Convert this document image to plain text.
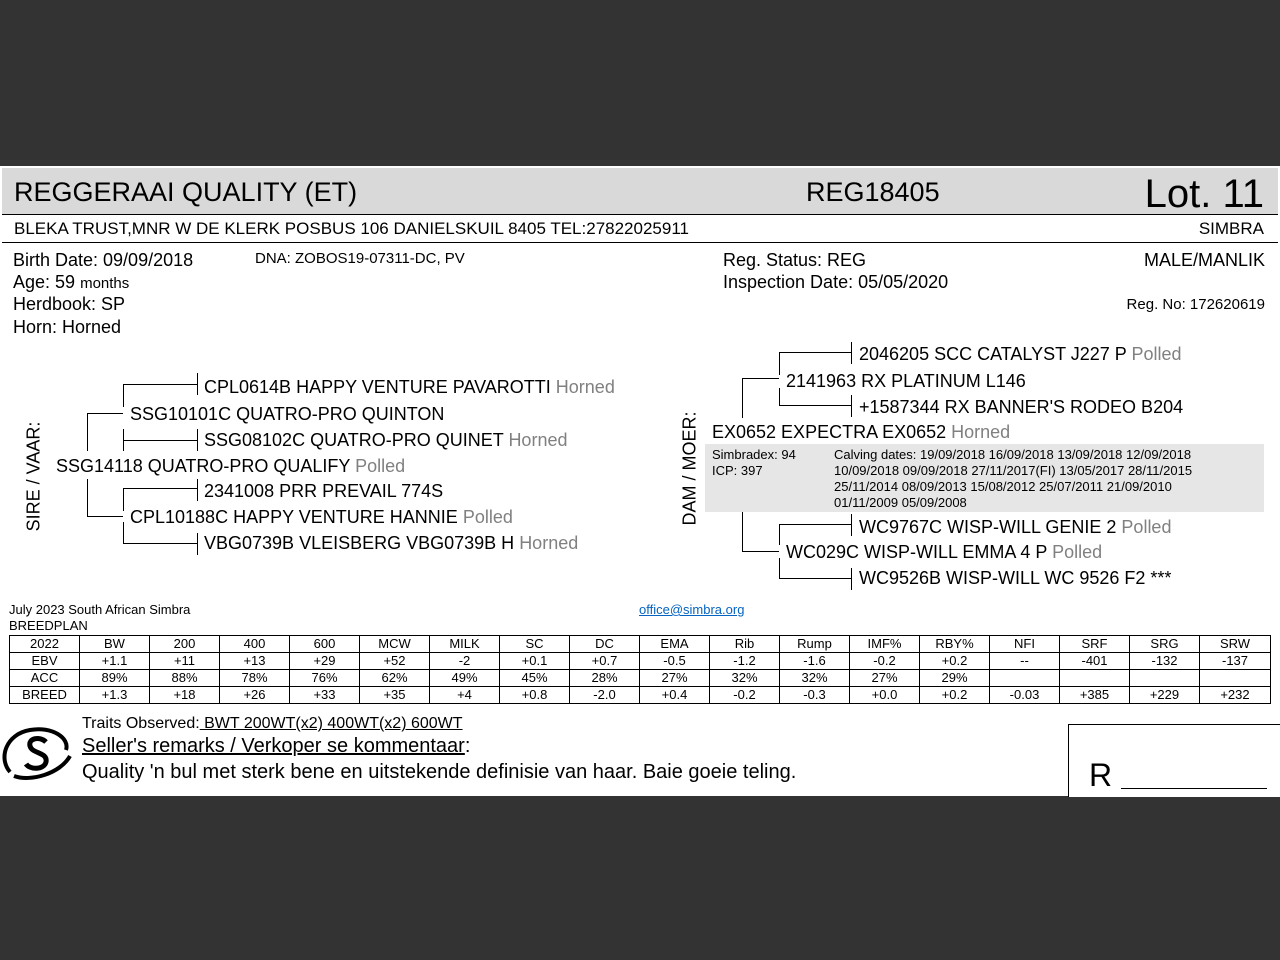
REGGERAAI QUALITY (ET)	REG18405	Lot. 11
BLEKA TRUST,MNR W DE KLERK POSBUS 106 DANIELSKUIL 8405 TEL:27822025911	SIMBRA
Birth Date: 09/09/2018	DNA: ZOBOS19-07311-DC, PV	Reg. Status: REG	MALE/MANLIK
Age: 59 months	Inspection Date: 05/05/2020
Herdbook: SP	Reg. No: 172620619
Horn: Horned
SIRE / VAAR:
CPL0614B HAPPY VENTURE PAVAROTTI Horned
SSG10101C QUATRO-PRO QUINTON
SSG08102C QUATRO-PRO QUINET Horned
SSG14118 QUATRO-PRO QUALIFY Polled
2341008 PRR PREVAIL 774S
CPL10188C HAPPY VENTURE HANNIE Polled
VBG0739B VLEISBERG VBG0739B H Horned
DAM / MOER:
2046205 SCC CATALYST J227 P Polled
2141963 RX PLATINUM L146
+1587344 RX BANNER'S RODEO B204
EX0652 EXPECTRA EX0652 Horned
Simbradex: 94
ICP: 397
Calving dates: 19/09/2018 16/09/2018 13/09/2018 12/09/2018
10/09/2018 09/09/2018 27/11/2017(FI) 13/05/2017 28/11/2015
25/11/2014 08/09/2013 15/08/2012 25/07/2011 21/09/2010
01/11/2009 05/09/2008
WC9767C WISP-WILL GENIE 2 Polled
WC029C WISP-WILL EMMA 4 P Polled
WC9526B WISP-WILL WC 9526 F2 ***
July 2023 South African Simbra
BREEDPLAN
office@simbra.org
2022	BW	200	400	600	MCW	MILK	SC	DC	EMA	Rib	Rump	IMF%	RBY%	NFI	SRF	SRG	SRW
EBV	+1.1	+11	+13	+29	+52	-2	+0.1	+0.7	-0.5	-1.2	-1.6	-0.2	+0.2	--	-401	-132	-137
ACC	89%	88%	78%	76%	62%	49%	45%	28%	27%	32%	32%	27%	29%				
BREED	+1.3	+18	+26	+33	+35	+4	+0.8	-2.0	+0.4	-0.2	-0.3	+0.0	+0.2	-0.03	+385	+229	+232
Traits Observed: BWT 200WT(x2) 400WT(x2) 600WT
Seller's remarks / Verkoper se kommentaar:
Quality 'n bul met sterk bene en uitstekende definisie van haar. Baie goeie teling.	R
